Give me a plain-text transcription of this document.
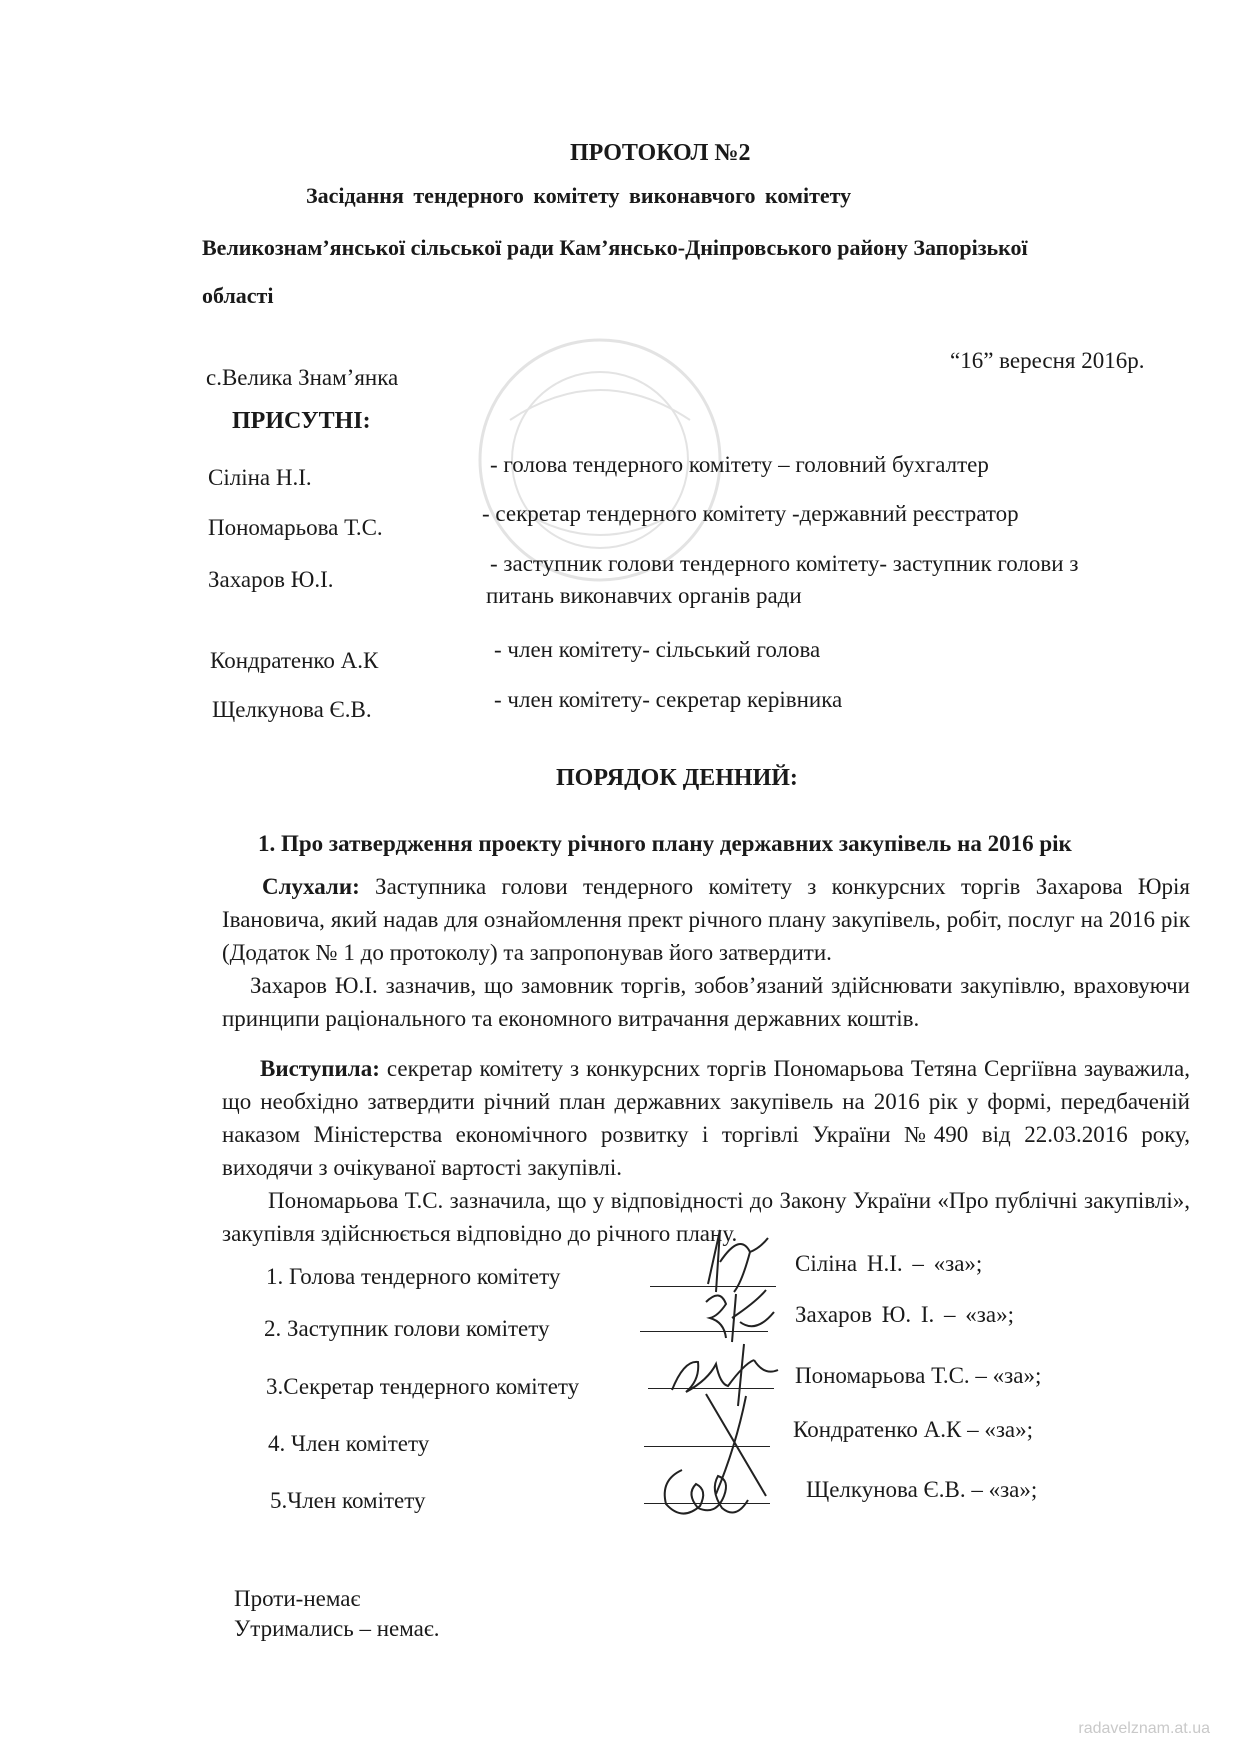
ПРОТОКОЛ №2
Засідання тендерного комітету виконавчого комітету
Великознам’янської сільської ради Кам’янсько-Дніпровського району Запорізької
області
с.Велика Знам’янка
“16” вересня 2016р.
ПРИСУТНІ:
Сіліна Н.І.
- голова тендерного комітету – головний бухгалтер
Пономарьова Т.С.
- секретар тендерного комітету -державний реєстратор
Захаров Ю.І.
- заступник голови тендерного комітету- заступник голови з
питань виконавчих органів ради
Кондратенко А.К	- член комітету- сільський голова
Щелкунова Є.В.	- член комітету- секретар керівника
ПОРЯДОК ДЕННИЙ:
1. Про затвердження проекту річного плану державних закупівель на 2016 рік
Слухали: Заступника голови тендерного комітету з конкурсних торгів Захарова Юрія Івановича, який надав для ознайомлення прект річного плану закупівель, робіт, послуг на 2016 рік (Додаток № 1 до протоколу) та запропонував його затвердити.
Захаров Ю.І. зазначив, що замовник торгів, зобов’язаний здійснювати закупівлю, враховуючи принципи раціонального та економного витрачання державних коштів.
Виступила: секретар комітету з конкурсних торгів Пономарьова Тетяна Сергіївна зауважила, що необхідно затвердити річний план державних закупівель на 2016 рік у формі, передбаченій наказом Міністерства економічного розвитку і торгівлі України №490 від 22.03.2016 року, виходячи з очікуваної вартості закупівлі.
Пономарьова Т.С. зазначила, що у відповідності до Закону України «Про публічні закупівлі», закупівля здійснюється відповідно до річного плану.
1. Голова тендерного комітету
Сіліна Н.І. – «за»;
2. Заступник голови комітету
Захаров Ю. І. – «за»;
3.Секретар тендерного комітету	Пономарьова Т.С. – «за»;
4. Член комітету
Кондратенко А.К – «за»;
5.Член комітету	Щелкунова Є.В. – «за»;
Проти-немає
Утримались – немає.
radavelznam.at.ua
